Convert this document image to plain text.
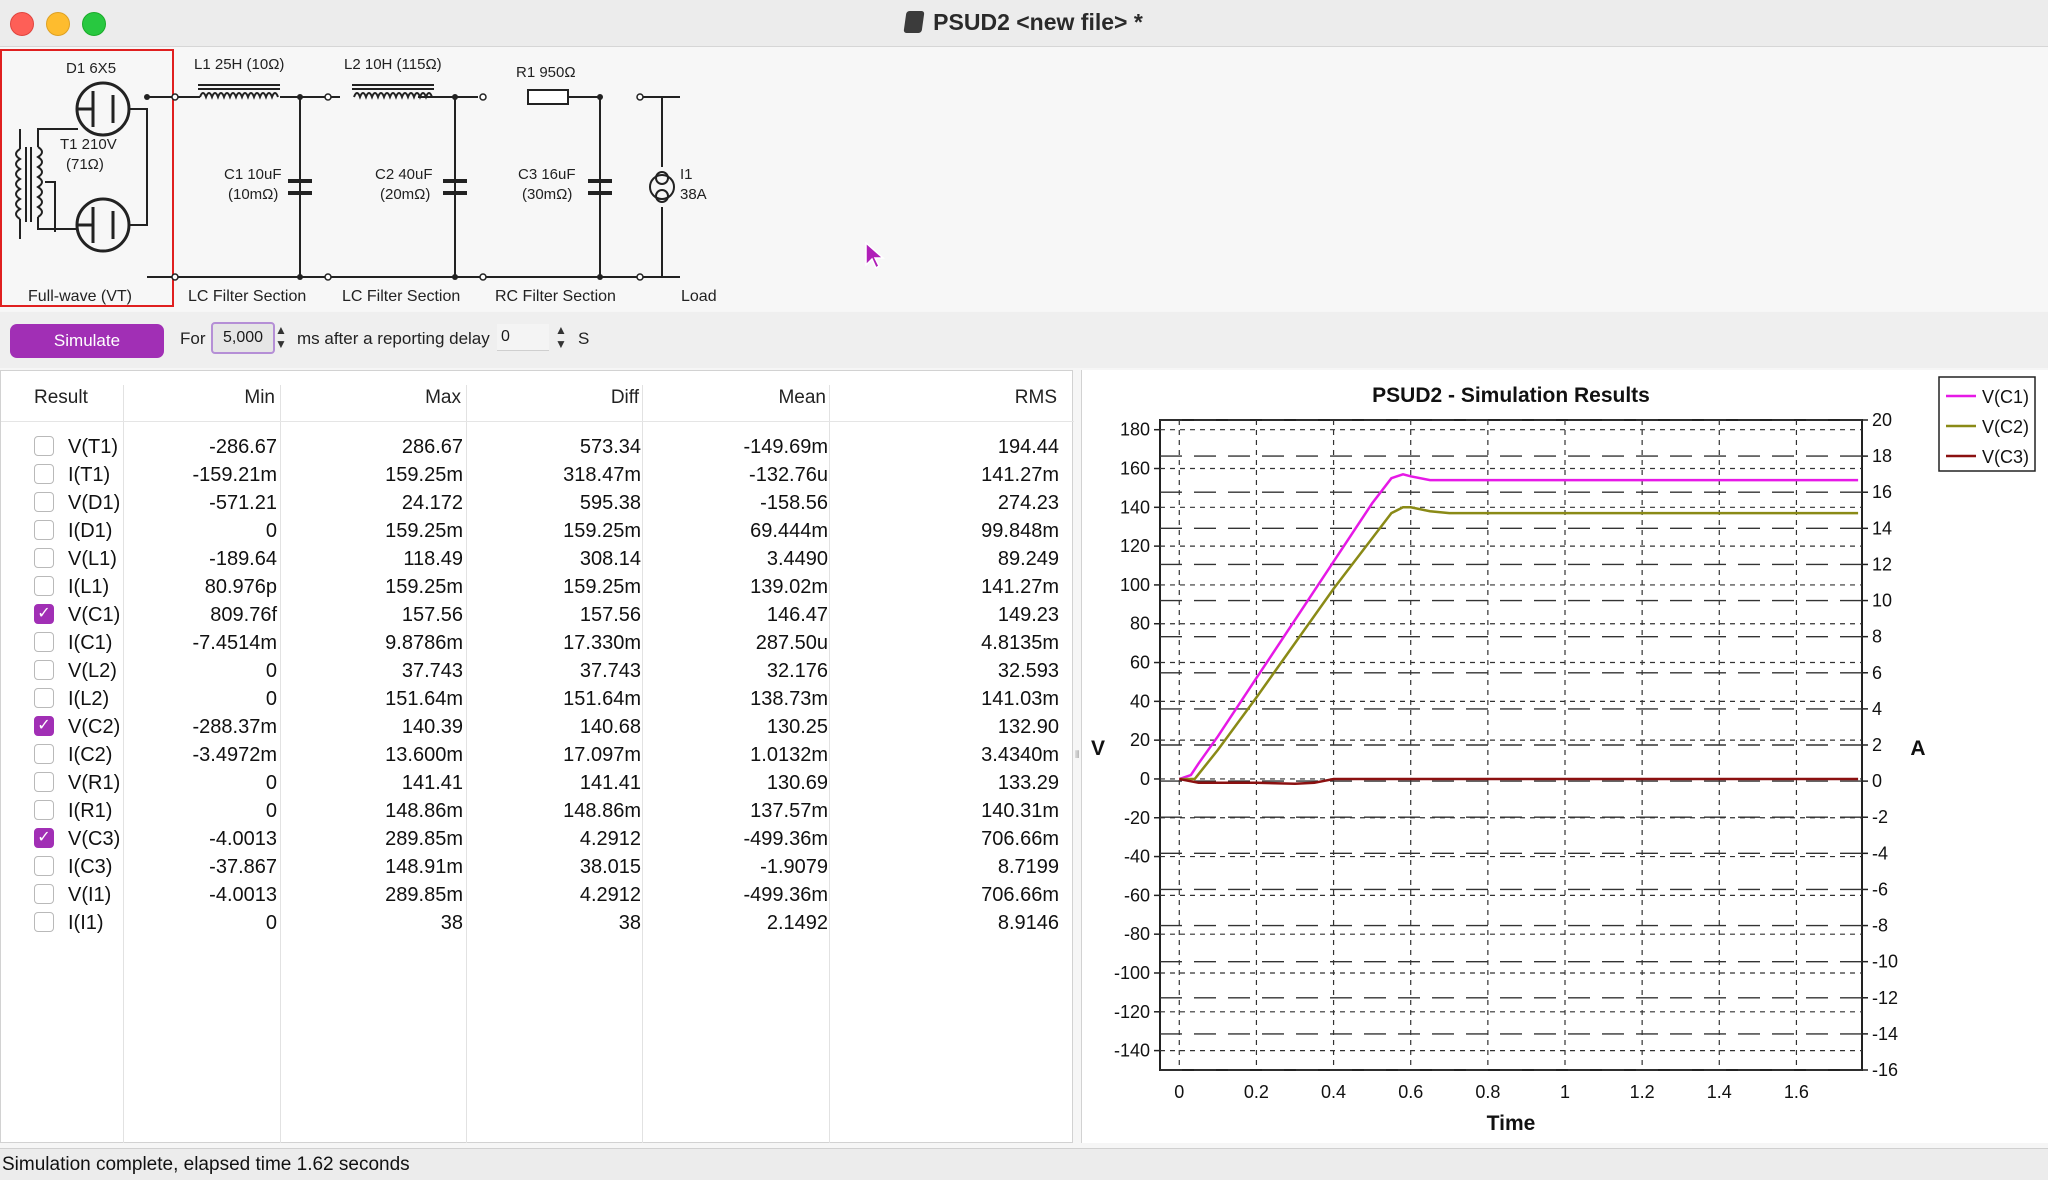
PSUD2 <new file> *
D1 6X5
T1 210V
(71Ω)
L1 25H (10Ω)	L2 10H (115Ω)	R1 950Ω
C1 10uF
(10mΩ)
C2 40uF
(20mΩ)
C3 16uF
(30mΩ)
I1
38A
Full-wave (VT)	LC Filter Section LC Filter Section RC Filter Section	Load
Simulate	For	5,000	▲
▼ ms after a reporting delay 0	▲
▼ S
Result	Min	Max	Diff	Mean	RMS
V(T1)	-286.67	286.67	573.34	-149.69m	194.44
I(T1)	-159.21m	159.25m	318.47m	-132.76u	141.27m
V(D1)	-571.21	24.172	595.38	-158.56	274.23
I(D1)	0	159.25m	159.25m	69.444m	99.848m
V(L1)	-189.64	118.49	308.14	3.4490	89.249
I(L1)	80.976p	159.25m	159.25m	139.02m	141.27m
✓ V(C1)	809.76f	157.56	157.56	146.47	149.23
I(C1)	-7.4514m	9.8786m	17.330m	287.50u	4.8135m
V(L2)	0	37.743	37.743	32.176	32.593
I(L2)	0	151.64m	151.64m	138.73m	141.03m
✓ V(C2)	-288.37m	140.39	140.68	130.25	132.90
I(C2)	-3.4972m	13.600m	17.097m	1.0132m	3.4340m
V(R1)	0	141.41	141.41	130.69	133.29
I(R1)	0	148.86m	148.86m	137.57m	140.31m
✓ V(C3)	-4.0013	289.85m	4.2912	-499.36m	706.66m
I(C3)	-37.867	148.91m	38.015	-1.9079	8.7199
V(I1)	-4.0013	289.85m	4.2912	-499.36m	706.66m
I(I1)	0	38	38	2.1492	8.9146
⦀
PSUD2 - Simulation Results
0	0.2	0.4	0.6	0.8	1	1.2	1.4	1.6
180
160
140
120
100
80
60
40
20
0
-20
-40
-60
-80
-100
-120
-140
20
18
16
14
12
10
8
6
4
2
0
-2
-4
-6
-8
-10
-12
-14
-16
Time
V	A
V(C1)
V(C2)
V(C3)
Simulation complete, elapsed time 1.62 seconds
